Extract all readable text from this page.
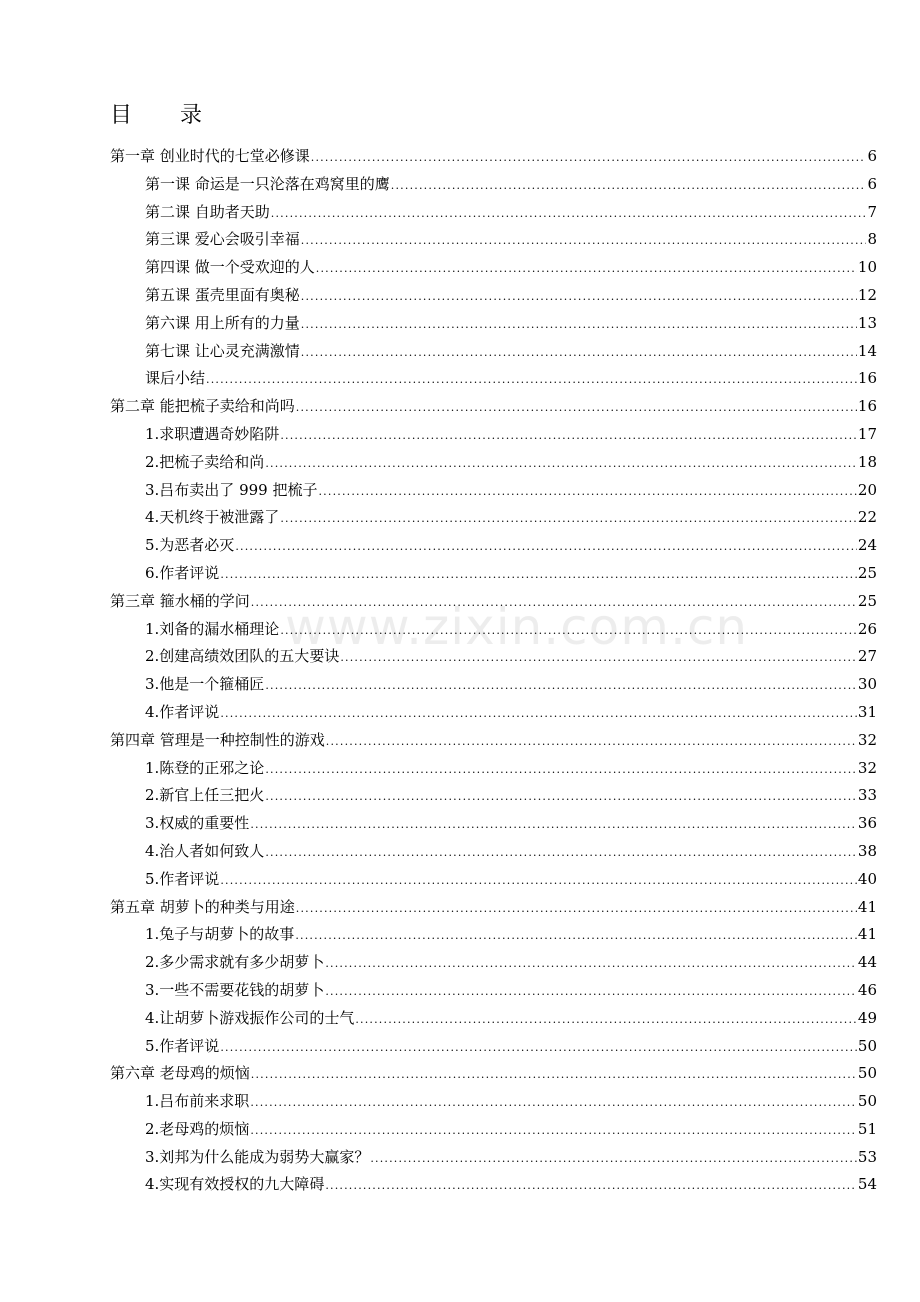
目 录
第一章 创业时代的七堂必修课 .....	6
第一课 命运是一只沦落在鸡窝里的鹰 .....	6
第二课 自助者天助 .....	7
第三课 爱心会吸引幸福 .....	8
第四课 做一个受欢迎的人 .....	10
第五课 蛋壳里面有奥秘 .....	12
第六课 用上所有的力量 .....	13
第七课 让心灵充满激情 .....	14
课后小结 .....	16
第二章 能把梳子卖给和尚吗 .....	16
1.求职遭遇奇妙陷阱 .....	17
2.把梳子卖给和尚 .....	18
3.吕布卖出了 999 把梳子 .....	20
4.天机终于被泄露了 .....	22
5.为恶者必灭 .....	24
6.作者评说 .....	25
第三章 箍水桶的学问 .....	25
1.刘备的漏水桶理论 .....	26
2.创建高绩效团队的五大要诀 .....	27
3.他是一个箍桶匠 .....	30
4.作者评说 .....	31
第四章 管理是一种控制性的游戏 .....	32
1.陈登的正邪之论 .....	32
2.新官上任三把火 .....	33
3.权威的重要性 .....	36
4.治人者如何致人 .....	38
5.作者评说 .....	40
第五章 胡萝卜的种类与用途 .....	41
1.兔子与胡萝卜的故事 .....	41
2.多少需求就有多少胡萝卜 .....	44
3.一些不需要花钱的胡萝卜 .....	46
4.让胡萝卜游戏振作公司的士气 .....	49
5.作者评说 .....	50
第六章 老母鸡的烦恼 .....	50
1.吕布前来求职 .....	50
2.老母鸡的烦恼 .....	51
3.刘邦为什么能成为弱势大赢家？ .....	53
4.实现有效授权的九大障碍 .....	54
www.zixin.com.cn
